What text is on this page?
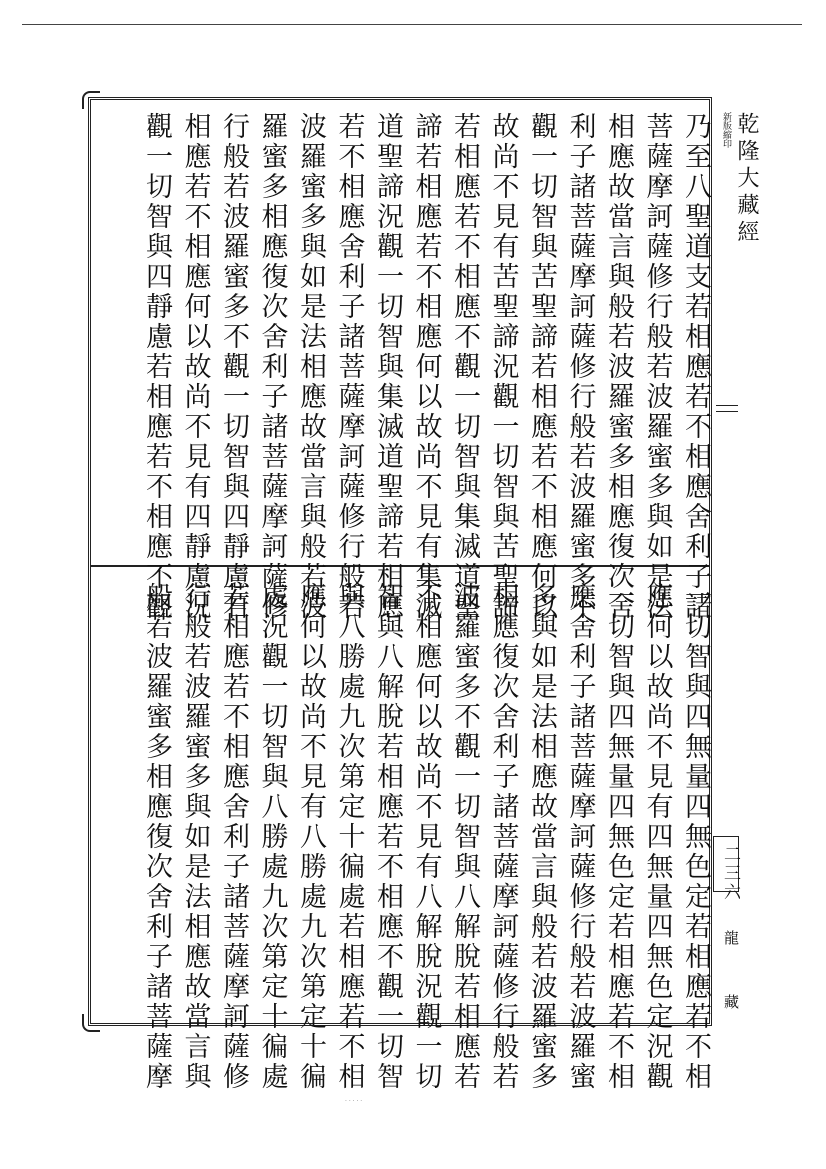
新版縮印 乾隆大藏經
二三六
龍 藏
乃至八聖道支若相應若不相應舍利子諸
菩薩摩訶薩修行般若波羅蜜多與如是法
相應故當言與般若波羅蜜多相應復次舍
利子諸菩薩摩訶薩修行般若波羅蜜多不
觀一切智與苦聖諦若相應若不相應何以
故尚不見有苦聖諦況觀一切智與苦聖諦
若相應若不相應不觀一切智與集滅道聖
諦若相應若不相應何以故尚不見有集滅
道聖諦況觀一切智與集滅道聖諦若相應
若不相應舍利子諸菩薩摩訶薩修行般若
波羅蜜多與如是法相應故當言與般若波
羅蜜多相應復次舍利子諸菩薩摩訶薩修
行般若波羅蜜多不觀一切智與四靜慮若
相應若不相應何以故尚不見有四靜慮況
觀一切智與四靜慮若相應若不相應不觀
一切智與四無量四無色定若相應若不相
應何以故尚不見有四無量四無色定況觀
一切智與四無量四無色定若相應若不相
應舍利子諸菩薩摩訶薩修行般若波羅蜜
多與如是法相應故當言與般若波羅蜜多
相應復次舍利子諸菩薩摩訶薩修行般若
波羅蜜多不觀一切智與八解脫若相應若
不相應何以故尚不見有八解脫況觀一切
智與八解脫若相應若不相應不觀一切智
與八勝處九次第定十徧處若相應若不相
應何以故尚不見有八勝處九次第定十徧
處況觀一切智與八勝處九次第定十徧處
若相應若不相應舍利子諸菩薩摩訶薩修
行般若波羅蜜多與如是法相應故當言與
般若波羅蜜多相應復次舍利子諸菩薩摩
· · · · ·
